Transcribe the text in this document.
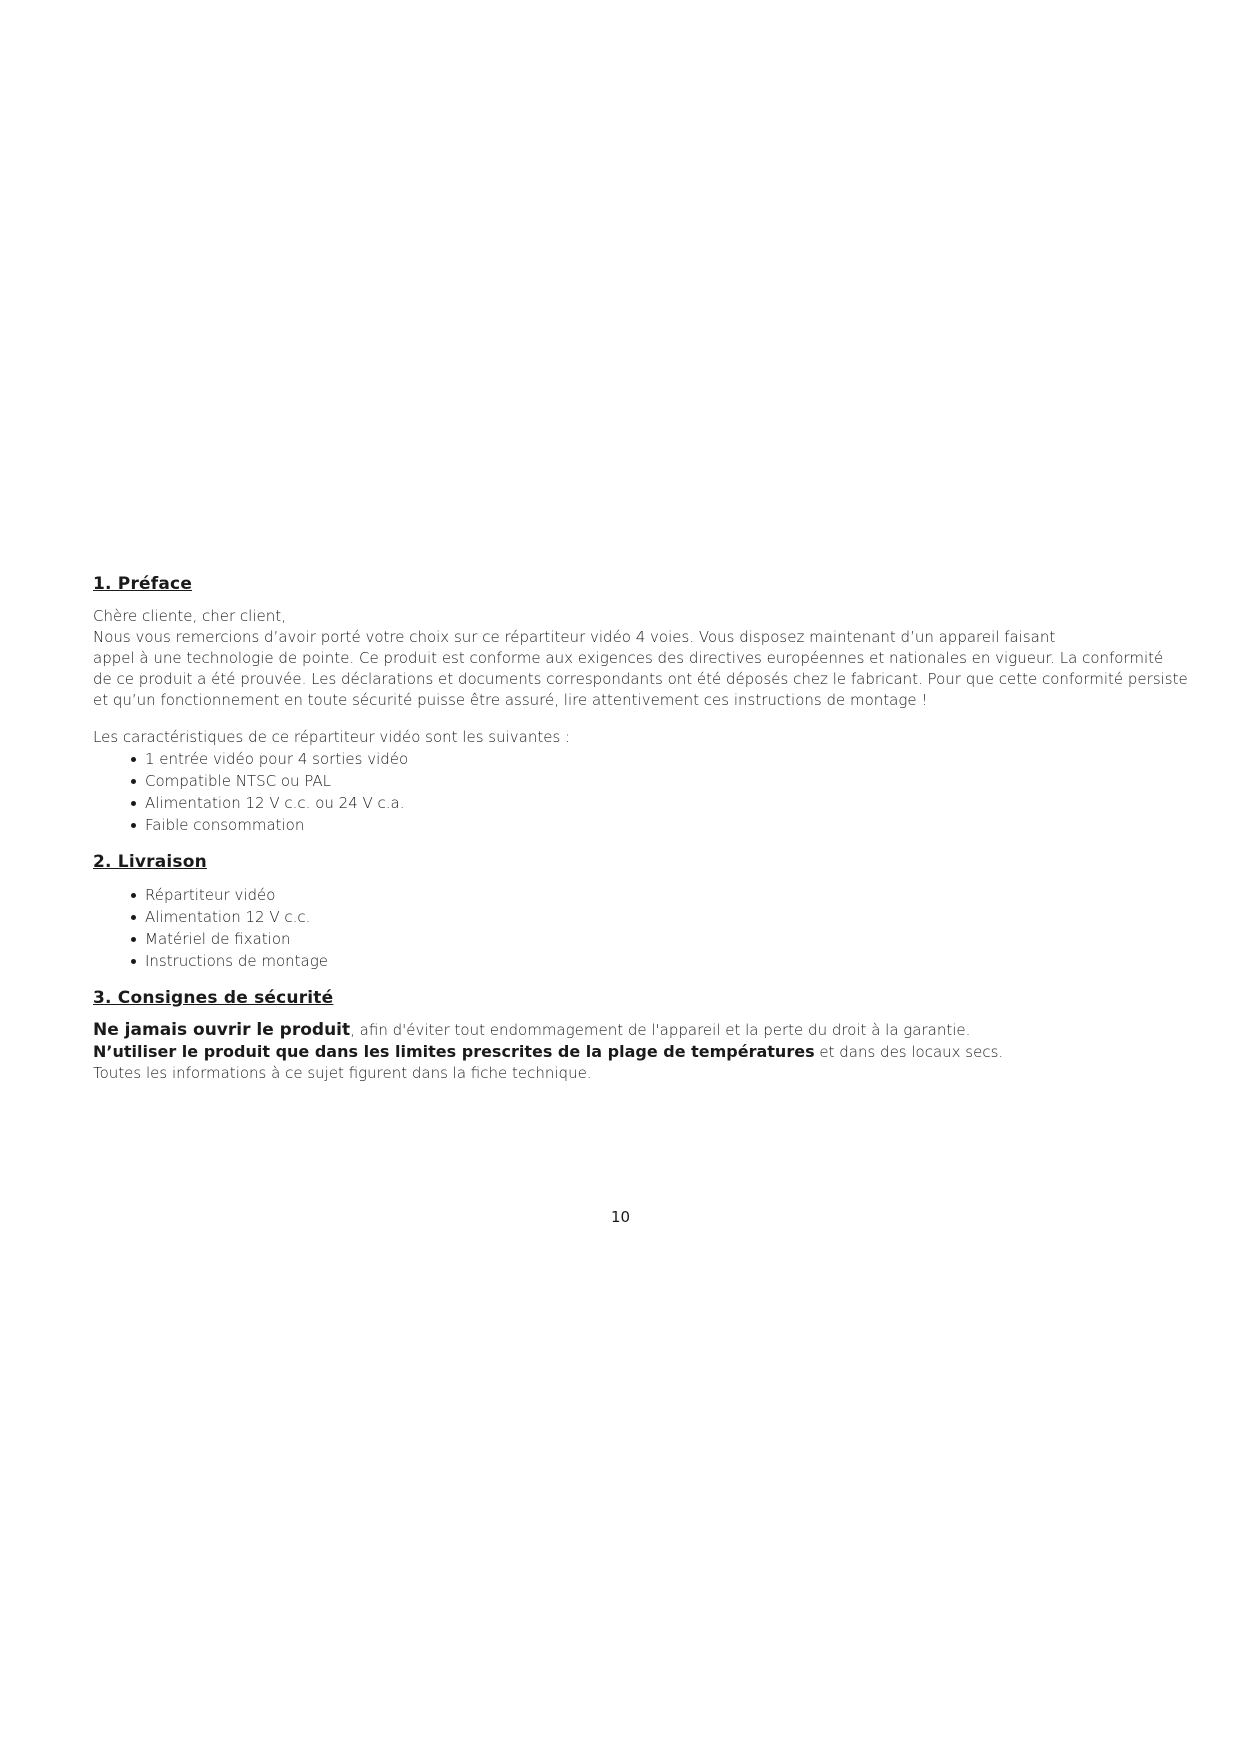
1. Préface

Chère cliente, cher client,

Nous vous remercions d’avoir porté votre choix sur ce répartiteur vidéo 4 voies. Vous disposez maintenant d’un appareil faisant

appel à une technologie de pointe. Ce produit est conforme aux exigences des directives européennes et nationales en vigueur. La conformité

de ce produit a été prouvée. Les déclarations et documents correspondants ont été déposés chez le fabricant. Pour que cette conformité persiste

et qu’un fonctionnement en toute sécurité puisse être assuré, lire attentivement ces instructions de montage !

Les caractéristiques de ce répartiteur vidéo sont les suivantes :

1 entrée vidéo pour 4 sorties vidéo
Compatible NTSC ou PAL
Alimentation 12 V c.c. ou 24 V c.a.
Faible consommation
2. Livraison
Répartiteur vidéo
Alimentation 12 V c.c.
Matériel de fixation
Instructions de montage
3. Consignes de sécurité

Ne jamais ouvrir le produit, afin d'éviter tout endommagement de l'appareil et la perte du droit à la garantie.

N’utiliser le produit que dans les limites prescrites de la plage de températures et dans des locaux secs.

Toutes les informations à ce sujet figurent dans la fiche technique.

10
